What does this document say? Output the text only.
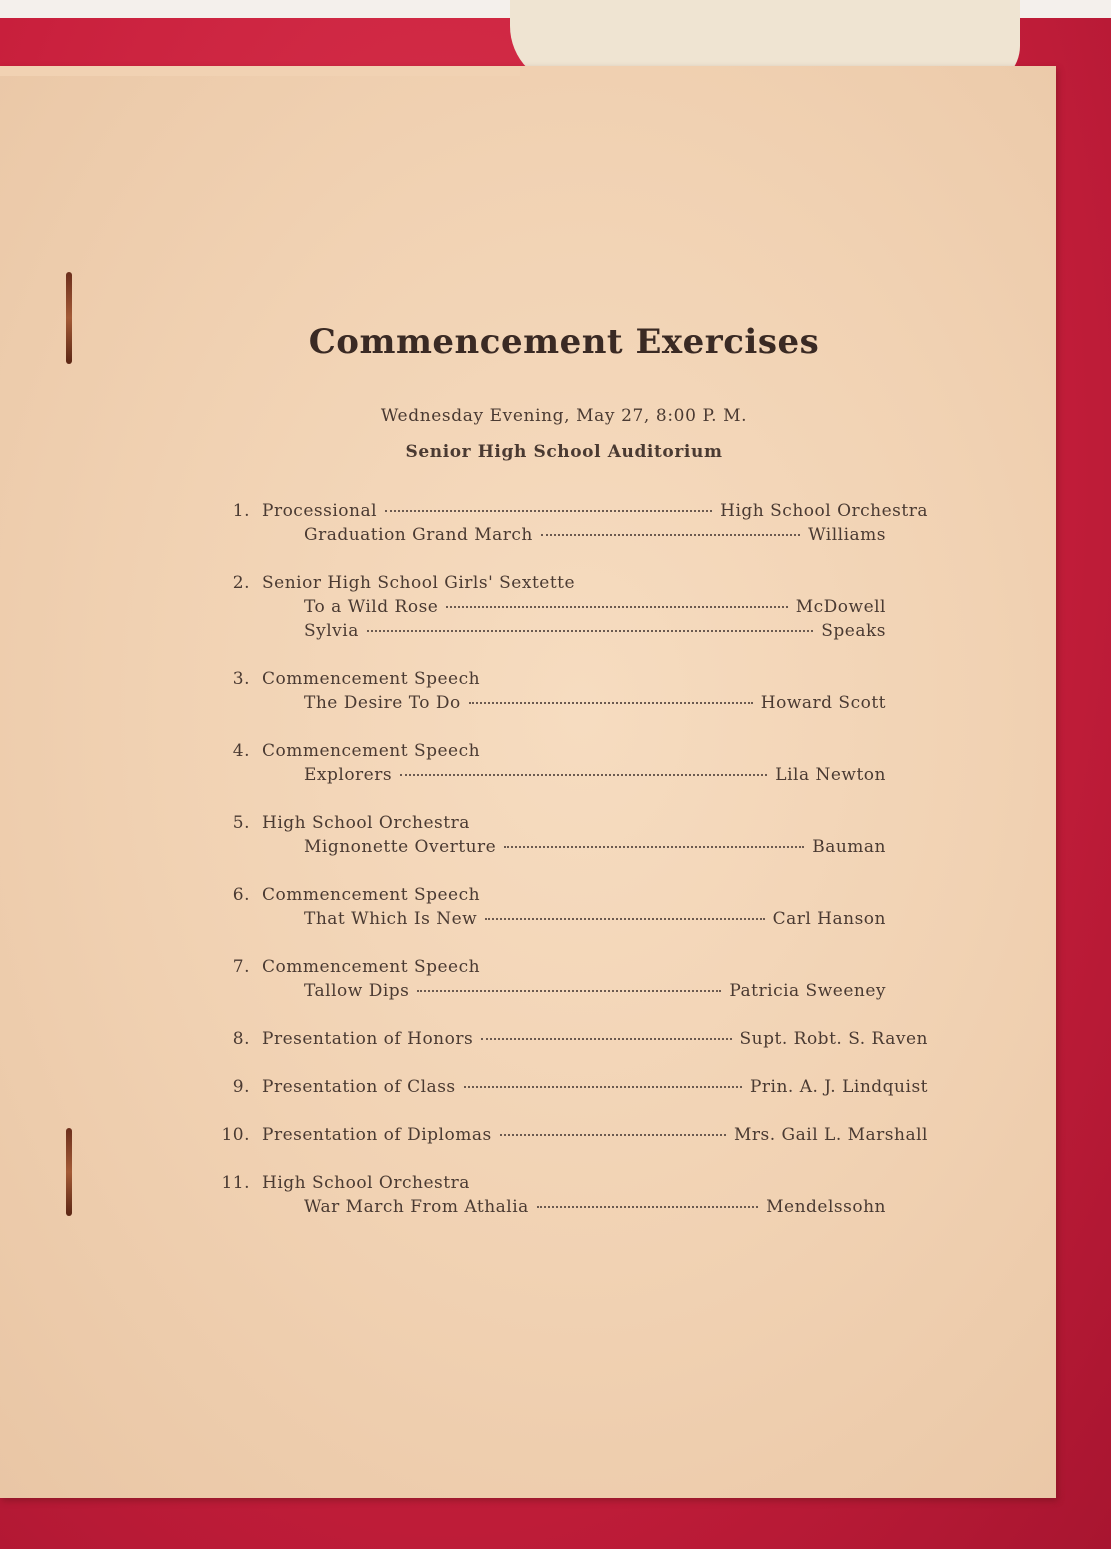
Commencement Exercises
Wednesday Evening, May 27, 8:00 P. M.
Senior High School Auditorium
1. Processional	High School Orchestra
Graduation Grand March	Williams
2. Senior High School Girls' Sextette
To a Wild Rose	McDowell
Sylvia	Speaks
3. Commencement Speech
The Desire To Do	Howard Scott
4. Commencement Speech
Explorers	Lila Newton
5. High School Orchestra
Mignonette Overture	Bauman
6. Commencement Speech
That Which Is New	Carl Hanson
7. Commencement Speech
Tallow Dips	Patricia Sweeney
8. Presentation of Honors	Supt. Robt. S. Raven
9. Presentation of Class	Prin. A. J. Lindquist
10. Presentation of Diplomas	Mrs. Gail L. Marshall
11. High School Orchestra
War March From Athalia	Mendelssohn
